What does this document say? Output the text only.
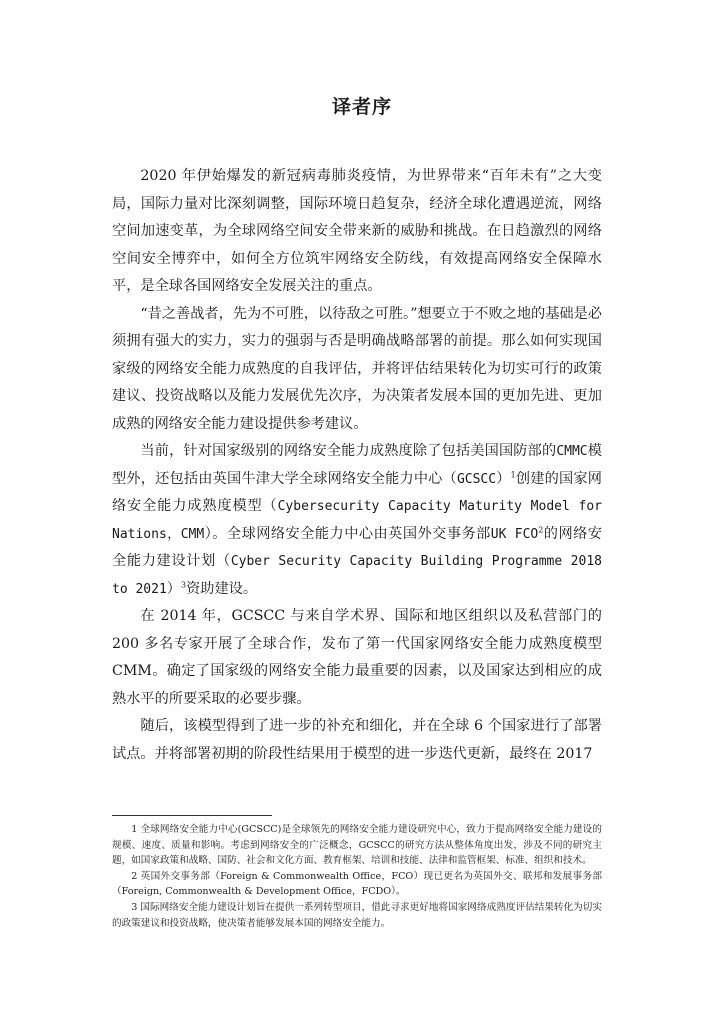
译者序

2020 年伊始爆发的新冠病毒肺炎疫情，为世界带来“百年未有”之大变局，国际力量对比深刻调整，国际环境日趋复杂，经济全球化遭遇逆流，网络空间加速变革，为全球网络空间安全带来新的威胁和挑战。在日趋激烈的网络空间安全博弈中，如何全方位筑牢网络安全防线，有效提高网络安全保障水平，是全球各国网络安全发展关注的重点。

“昔之善战者，先为不可胜，以待敌之可胜。”想要立于不败之地的基础是必须拥有强大的实力，实力的强弱与否是明确战略部署的前提。那么如何实现国家级的网络安全能力成熟度的自我评估，并将评估结果转化为切实可行的政策建议、投资战略以及能力发展优先次序，为决策者发展本国的更加先进、更加成熟的网络安全能力建设提供参考建议。

当前，针对国家级别的网络安全能力成熟度除了包括美国国防部的CMMC模型外，还包括由英国牛津大学全球网络安全能力中心（GCSCC）$^1$创建的国家网络安全能力成熟度模型（Cybersecurity Capacity Maturity Model for Nations，CMM）。全球网络安全能力中心由英国外交事务部UK FCO$^2$的网络安全能力建设计划（Cyber Security Capacity Building Programme 2018 to 2021）$^3$资助建设。

在 2014 年，GCSCC 与来自学术界、国际和地区组织以及私营部门的 200 多名专家开展了全球合作，发布了第一代国家网络安全能力成熟度模型 CMM。确定了国家级的网络安全能力最重要的因素，以及国家达到相应的成熟水平的所要采取的必要步骤。

随后，该模型得到了进一步的补充和细化，并在全球 6 个国家进行了部署试点。并将部署初期的阶段性结果用于模型的进一步迭代更新，最终在 2017

1 全球网络安全能力中心(GCSCC)是全球领先的网络安全能力建设研究中心，致力于提高网络安全能力建设的规模、速度、质量和影响。考虑到网络安全的广泛概念，GCSCC的研究方法从整体角度出发，涉及不同的研究主题，如国家政策和战略、国防、社会和文化方面、教育框架、培训和技能、法律和监管框架、标准、组织和技术。

2 英国外交事务部（Foreign & Commonwealth Office，FCO）现已更名为英国外交、联邦和发展事务部（Foreign, Commonwealth & Development Office，FCDO）。

3 国际网络安全能力建设计划旨在提供一系列转型项目，借此寻求更好地将国家网络成熟度评估结果转化为切实的政策建议和投资战略，使决策者能够发展本国的网络安全能力。
